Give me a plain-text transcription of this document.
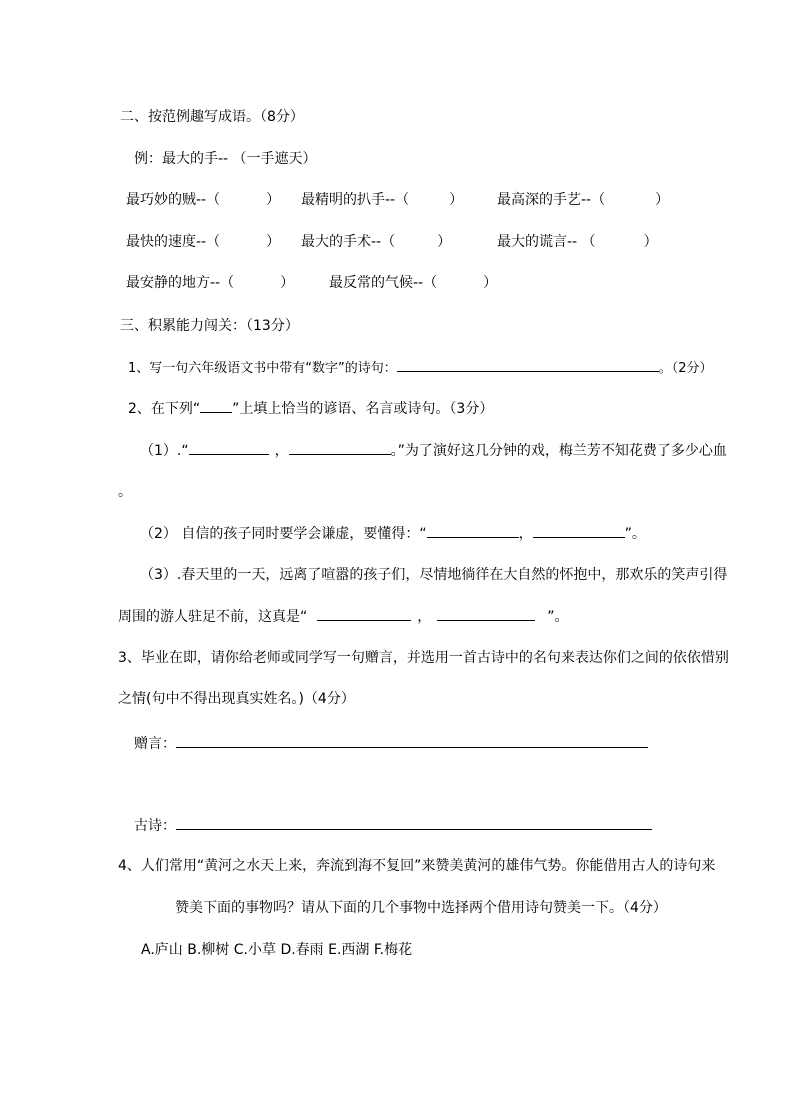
二、按范例趣写成语。（8分）
例：最大的手-- （一手遮天）
最巧妙的贼--（	） 最精明的扒手--（	） 最高深的手艺--（	）
最快的速度--（	） 最大的手术--（	）	最大的谎言-- （	）
最安静的地方--（	） 最反常的气候--（	）
三、积累能力闯关：（13分）
1、写一句六年级语文书中带有“数字”的诗句：	。（2分）
2、在下列“ ”上填上恰当的谚语、名言或诗句。（3分）
（1）.“	，	。”为了演好这几分钟的戏，梅兰芳不知花费了多少心血
。
（2） 自信的孩子同时要学会谦虚，要懂得：“	，	”。
（3）.春天里的一天，远离了喧嚣的孩子们，尽情地徜徉在大自然的怀抱中，那欢乐的笑声引得
周围的游人驻足不前，这真是“	，	”。
3、毕业在即，请你给老师或同学写一句赠言，并选用一首古诗中的名句来表达你们之间的依依惜别
之情(句中不得出现真实姓名。)（4分）
赠言：
古诗：
4、人们常用“黄河之水天上来，奔流到海不复回”来赞美黄河的雄伟气势。你能借用古人的诗句来
赞美下面的事物吗？请从下面的几个事物中选择两个借用诗句赞美一下。（4分）
A.庐山 B.柳树 C.小草 D.春雨 E.西湖 F.梅花
